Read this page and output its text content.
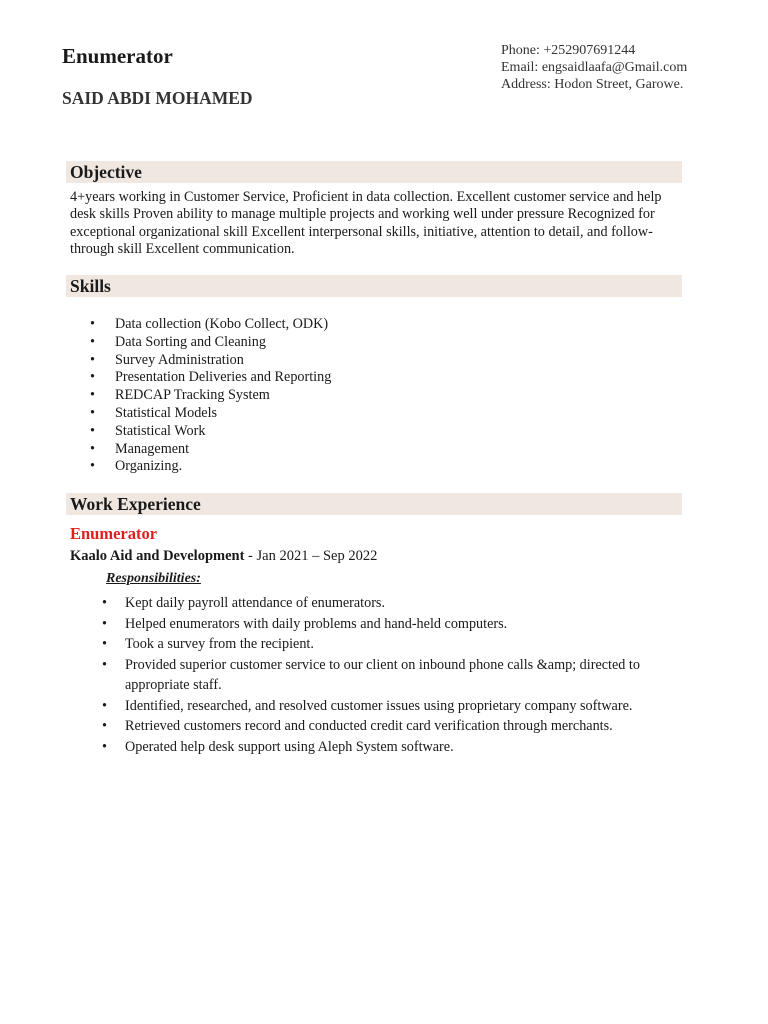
Enumerator
SAID ABDI MOHAMED
Phone: +252907691244
Email: engsaidlaafa@Gmail.com
Address: Hodon Street, Garowe.
Objective

4+years working in Customer Service, Proficient in data collection. Excellent customer service and help desk skills Proven ability to manage multiple projects and working well under pressure Recognized for exceptional organizational skill Excellent interpersonal skills, initiative, attention to detail, and follow-through skill Excellent communication.

Skills
• Data collection (Kobo Collect, ODK)
• Data Sorting and Cleaning
• Survey Administration
• Presentation Deliveries and Reporting
• REDCAP Tracking System
• Statistical Models
• Statistical Work
• Management
• Organizing.
Work Experience
Enumerator
Kaalo Aid and Development - Jan 2021 – Sep 2022
Responsibilities:
• Kept daily payroll attendance of enumerators.
• Helped enumerators with daily problems and hand-held computers.
• Took a survey from the recipient.
• Provided superior customer service to our client on inbound phone calls &amp; directed to appropriate staff.
• Identified, researched, and resolved customer issues using proprietary company software.
• Retrieved customers record and conducted credit card verification through merchants.
• Operated help desk support using Aleph System software.
